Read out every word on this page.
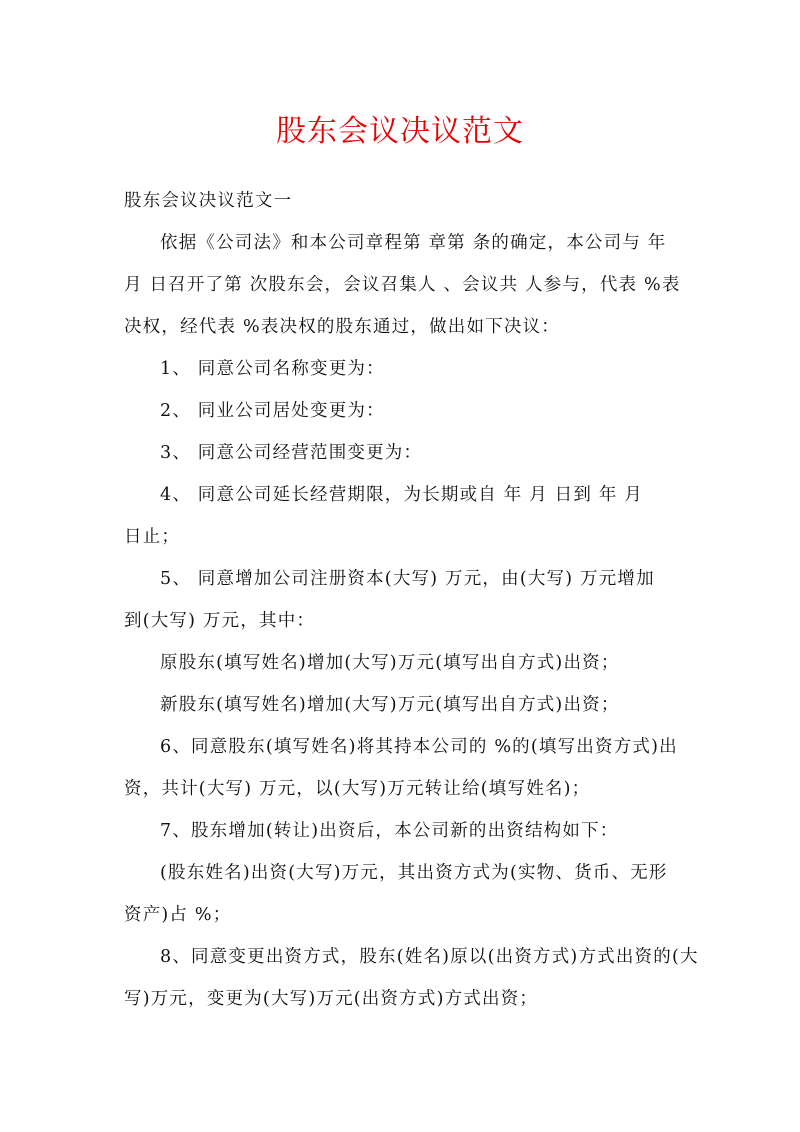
股东会议决议范文
股东会议决议范文一
依据《公司法》和本公司章程第 章第 条的确定，本公司与 年
月 日召开了第 次股东会，会议召集人 、会议共 人参与，代表 %表
决权，经代表 %表决权的股东通过，做出如下决议：
1、 同意公司名称变更为：
2、 同业公司居处变更为：
3、 同意公司经营范围变更为：
4、 同意公司延长经营期限，为长期或自 年 月 日到 年 月
日止；
5、 同意增加公司注册资本(大写) 万元，由(大写) 万元增加
到(大写) 万元，其中：
原股东(填写姓名)增加(大写)万元(填写出自方式)出资；
新股东(填写姓名)增加(大写)万元(填写出自方式)出资；
6、同意股东(填写姓名)将其持本公司的 %的(填写出资方式)出
资，共计(大写) 万元，以(大写)万元转让给(填写姓名)；
7、股东增加(转让)出资后，本公司新的出资结构如下：
(股东姓名)出资(大写)万元，其出资方式为(实物、货币、无形
资产)占 %；
8、同意变更出资方式，股东(姓名)原以(出资方式)方式出资的(大
写)万元，变更为(大写)万元(出资方式)方式出资；
